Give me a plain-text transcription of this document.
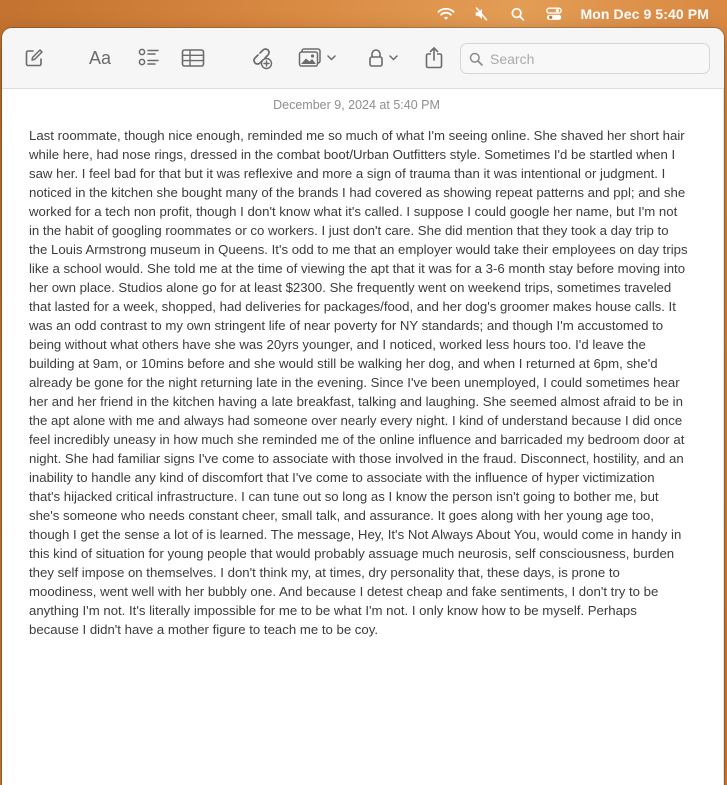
Mon Dec 9 5:40 PM
Aa
Search
December 9, 2024 at 5:40 PM
Last roommate, though nice enough, reminded me so much of what I'm seeing online. She shaved her short hair while here, had nose rings, dressed in the combat boot/Urban Outfitters style. Sometimes I'd be startled when I saw her. I feel bad for that but it was reflexive and more a sign of trauma than it was intentional or judgment. I noticed in the kitchen she bought many of the brands I had covered as showing repeat patterns and ppl; and she worked for a tech non profit, though I don't know what it's called. I suppose I could google her name, but I'm not in the habit of googling roommates or co workers. I just don't care. She did mention that they took a day trip to the Louis Armstrong museum in Queens. It's odd to me that an employer would take their employees on day trips like a school would. She told me at the time of viewing the apt that it was for a 3-6 month stay before moving into her own place. Studios alone go for at least $2300. She frequently went on weekend trips, sometimes traveled that lasted for a week, shopped, had deliveries for packages/food, and her dog's groomer makes house calls. It was an odd contrast to my own stringent life of near poverty for NY standards; and though I'm accustomed to being without what others have she was 20yrs younger, and I noticed, worked less hours too. I'd leave the building at 9am, or 10mins before and she would still be walking her dog, and when I returned at 6pm, she'd already be gone for the night returning late in the evening. Since I've been unemployed, I could sometimes hear her and her friend in the kitchen having a late breakfast, talking and laughing. She seemed almost afraid to be in the apt alone with me and always had someone over nearly every night. I kind of understand because I did once feel incredibly uneasy in how much she reminded me of the online influence and barricaded my bedroom door at night. She had familiar signs I've come to associate with those involved in the fraud. Disconnect, hostility, and an inability to handle any kind of discomfort that I've come to associate with the influence of hyper victimization that's hijacked critical infrastructure. I can tune out so long as I know the person isn't going to bother me, but she's someone who needs constant cheer, small talk, and assurance. It goes along with her young age too, though I get the sense a lot of is learned. The message, Hey, It's Not Always About You, would come in handy in this kind of situation for young people that would probably assuage much neurosis, self consciousness, burden they self impose on themselves. I don't think my, at times, dry personality that, these days, is prone to moodiness, went well with her bubbly one. And because I detest cheap and fake sentiments, I don't try to be anything I'm not. It's literally impossible for me to be what I'm not. I only know how to be myself. Perhaps because I didn't have a mother figure to teach me to be coy.
